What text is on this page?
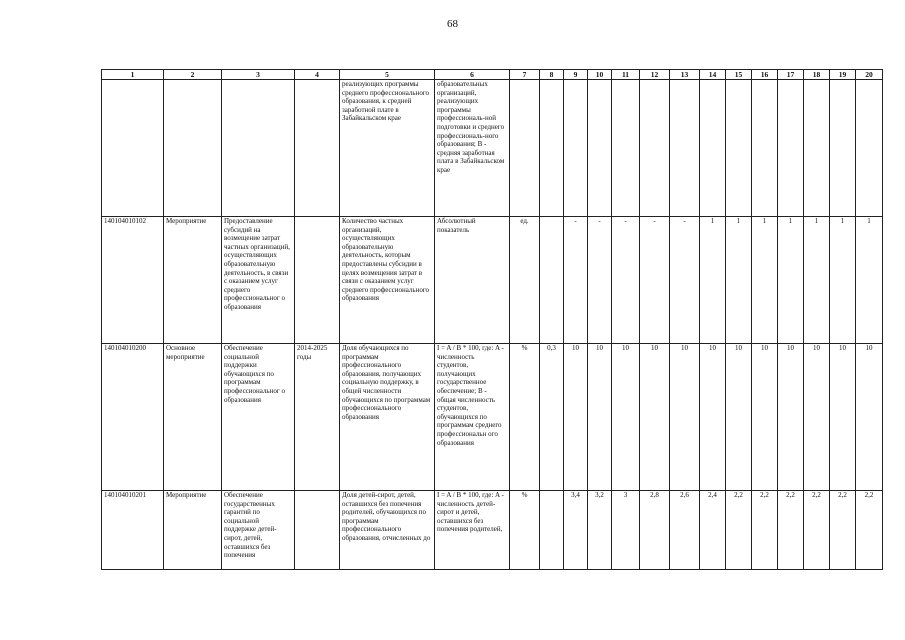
68
1	2	3	4	5	6	7	8	9	10	11	12	13	14	15	16	17	18	19	20
				реализующих программы среднего профессионального образования, к средней заработной плате в Забайкальском крае	образовательных организаций, реализующих программы профессиональ-ной подготовки и среднего профессиональ-ного образования; В - средняя заработная плата в Забайкальском крае														
140104010102	Мероприятие	Предоставление субсидий на возмещение затрат частных организаций, осуществляющих образовательную деятельность, в связи с оказанием услуг среднего профессиональног о образования		Количество частных организаций, осуществляющих образовательную деятельность, которым предоставлены субсидии в целях возмещения затрат в связи с оказанием услуг среднего профессионального образования	Абсолютный показатель	ед.		-	-	-	-	-	1	1	1	1	1	1	1
140104010200	Основное мероприятие	Обеспечение социальной поддержки обучающихся по программам профессиональног о образования	2014-2025 годы	Доля обучающихся по программам профессионального образования, получающих социальную поддержку, в общей численности обучающихся по программам профессионального образования	I = A / B * 100, где: A - численность студентов, получающих государственное обеспечение; B - общая численность студентов, обучающихся по программам среднего профессиональн ого образования	%	0,3	10	10	10	10	10	10	10	10	10	10	10	10
140104010201	Мероприятие	Обеспечение государственных гарантий по социальной поддержке детей-сирот, детей, оставшихся без попечения		Доля детей-сирот, детей, оставшихся без попечения родителей, обучающихся по программам профессионального образования, отчисленных до	I = A / B * 100, где: A - численность детей-сирот и детей, оставшихся без попечения родителей,	%		3,4	3,2	3	2,8	2,6	2,4	2,2	2,2	2,2	2,2	2,2	2,2
